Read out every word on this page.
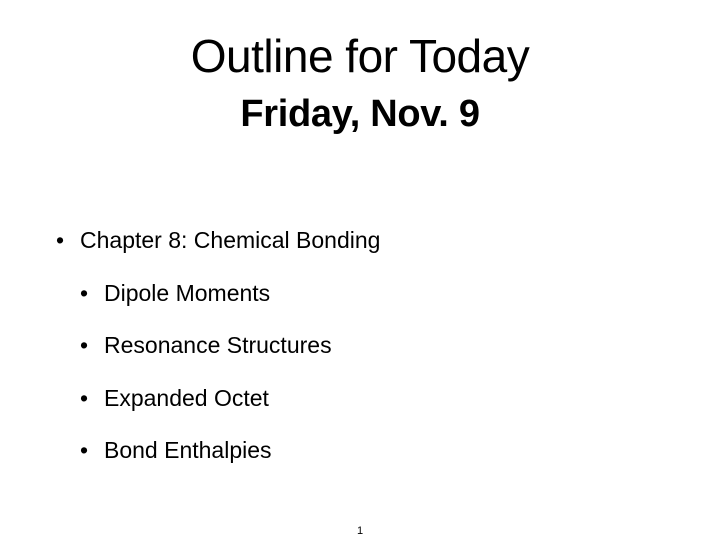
Outline for Today
Friday, Nov. 9
• Chapter 8: Chemical Bonding
• Dipole Moments
• Resonance Structures
• Expanded Octet
• Bond Enthalpies
1
